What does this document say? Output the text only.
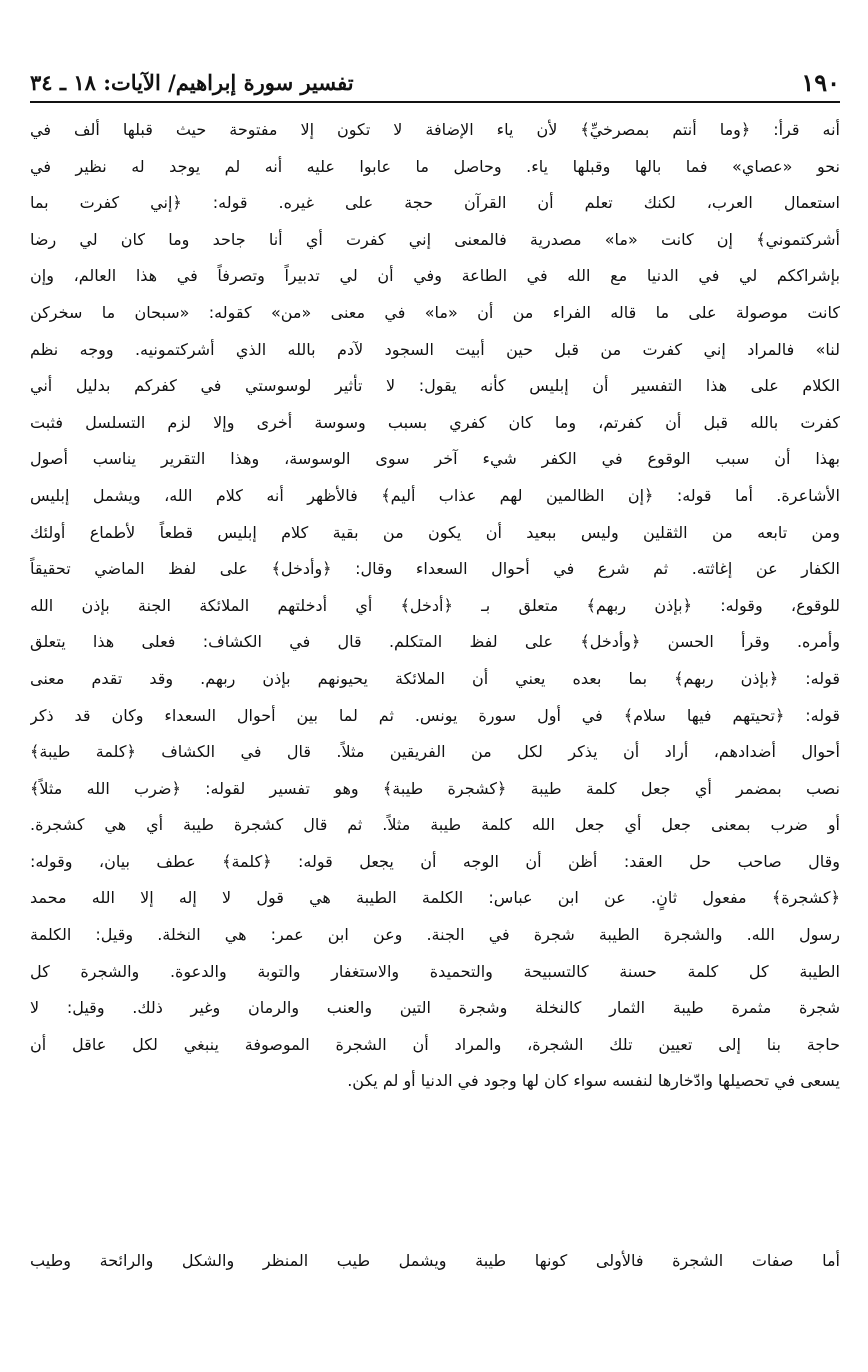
١٩٠
تفسير سورة إبراهيم/ الآيات: ١٨ ـ ٣٤
أنه قرأ: ﴿وما أنتم بمصرخيِّ﴾ لأن ياء الإضافة لا تكون إلا مفتوحة حيث قبلها ألف في
نحو «عصاي» فما بالها وقبلها ياء. وحاصل ما عابوا عليه أنه لم يوجد له نظير في
استعمال العرب، لكنك تعلم أن القرآن حجة على غيره. قوله: ﴿إني كفرت بما
أشركتموني﴾ إن كانت «ما» مصدرية فالمعنى إني كفرت أي أنا جاحد وما كان لي رضا
بإشراككم لي في الدنيا مع الله في الطاعة وفي أن لي تدبيراً وتصرفاً في هذا العالم، وإن
كانت موصولة على ما قاله الفراء من أن «ما» في معنى «من» كقوله: «سبحان ما سخركن
لنا» فالمراد إني كفرت من قبل حين أبيت السجود لآدم بالله الذي أشركتمونيه. ووجه نظم
الكلام على هذا التفسير أن إبليس كأنه يقول: لا تأثير لوسوستي في كفركم بدليل أني
كفرت بالله قبل أن كفرتم، وما كان كفري بسبب وسوسة أخرى وإلا لزم التسلسل فثبت
بهذا أن سبب الوقوع في الكفر شيء آخر سوى الوسوسة، وهذا التقرير يناسب أصول
الأشاعرة. أما قوله: ﴿إن الظالمين لهم عذاب أليم﴾ فالأظهر أنه كلام الله، ويشمل إبليس
ومن تابعه من الثقلين وليس ببعيد أن يكون من بقية كلام إبليس قطعاً لأطماع أولئك
الكفار عن إغاثته. ثم شرع في أحوال السعداء وقال: ﴿وأدخل﴾ على لفظ الماضي تحقيقاً
للوقوع، وقوله: ﴿بإذن ربهم﴾ متعلق بـ ﴿أدخل﴾ أي أدخلتهم الملائكة الجنة بإذن الله
وأمره. وقرأ الحسن ﴿وأدخل﴾ على لفظ المتكلم. قال في الكشاف: فعلى هذا يتعلق
قوله: ﴿بإذن ربهم﴾ بما بعده يعني أن الملائكة يحيونهم بإذن ربهم. وقد تقدم معنى
قوله: ﴿تحيتهم فيها سلام﴾ في أول سورة يونس. ثم لما بين أحوال السعداء وكان قد ذكر
أحوال أضدادهم، أراد أن يذكر لكل من الفريقين مثلاً. قال في الكشاف ﴿كلمة طيبة﴾
نصب بمضمر أي جعل كلمة طيبة ﴿كشجرة طيبة﴾ وهو تفسير لقوله: ﴿ضرب الله مثلاً﴾
أو ضرب بمعنى جعل أي جعل الله كلمة طيبة مثلاً. ثم قال كشجرة طيبة أي هي كشجرة.
وقال صاحب حل العقد: أظن أن الوجه أن يجعل قوله: ﴿كلمة﴾ عطف بيان، وقوله:
﴿كشجرة﴾ مفعول ثانٍ. عن ابن عباس: الكلمة الطيبة هي قول لا إله إلا الله محمد
رسول الله. والشجرة الطيبة شجرة في الجنة. وعن ابن عمر: هي النخلة. وقيل: الكلمة
الطيبة كل كلمة حسنة كالتسبيحة والتحميدة والاستغفار والتوبة والدعوة. والشجرة كل
شجرة مثمرة طيبة الثمار كالنخلة وشجرة التين والعنب والرمان وغير ذلك. وقيل: لا
حاجة بنا إلى تعيين تلك الشجرة، والمراد أن الشجرة الموصوفة ينبغي لكل عاقل أن
يسعى في تحصيلها وادّخارها لنفسه سواء كان لها وجود في الدنيا أو لم يكن.
أما صفات الشجرة فالأولى كونها طيبة ويشمل طيب المنظر والشكل والرائحة وطيب
